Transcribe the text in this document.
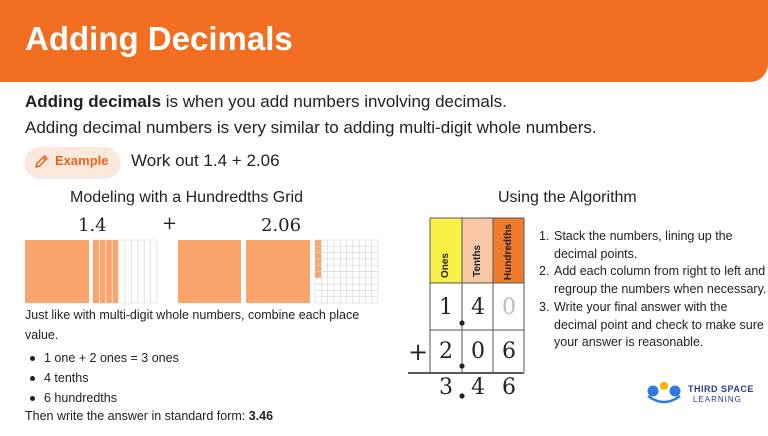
Adding Decimals
Adding decimals is when you add numbers involving decimals.
Adding decimal numbers is very similar to adding multi-digit whole numbers.
Example Work out 1.4 + 2.06
Modeling with a Hundredths Grid
1.4	+	2.06
Just like with multi-digit whole numbers, combine each place value.
1 one + 2 ones = 3 ones
4 tenths
6 hundredths
Then write the answer in standard form: 3.46
Using the Algorithm
Ones Tenths Hundredths
1 4 0
+ 2 0 6
3 4 6
1. Stack the numbers, lining up the decimal points.
2. Add each column from right to left and regroup the numbers when necessary.
3. Write your final answer with the decimal point and check to make sure your answer is reasonable.
THIRD SPACE
LEARNING
